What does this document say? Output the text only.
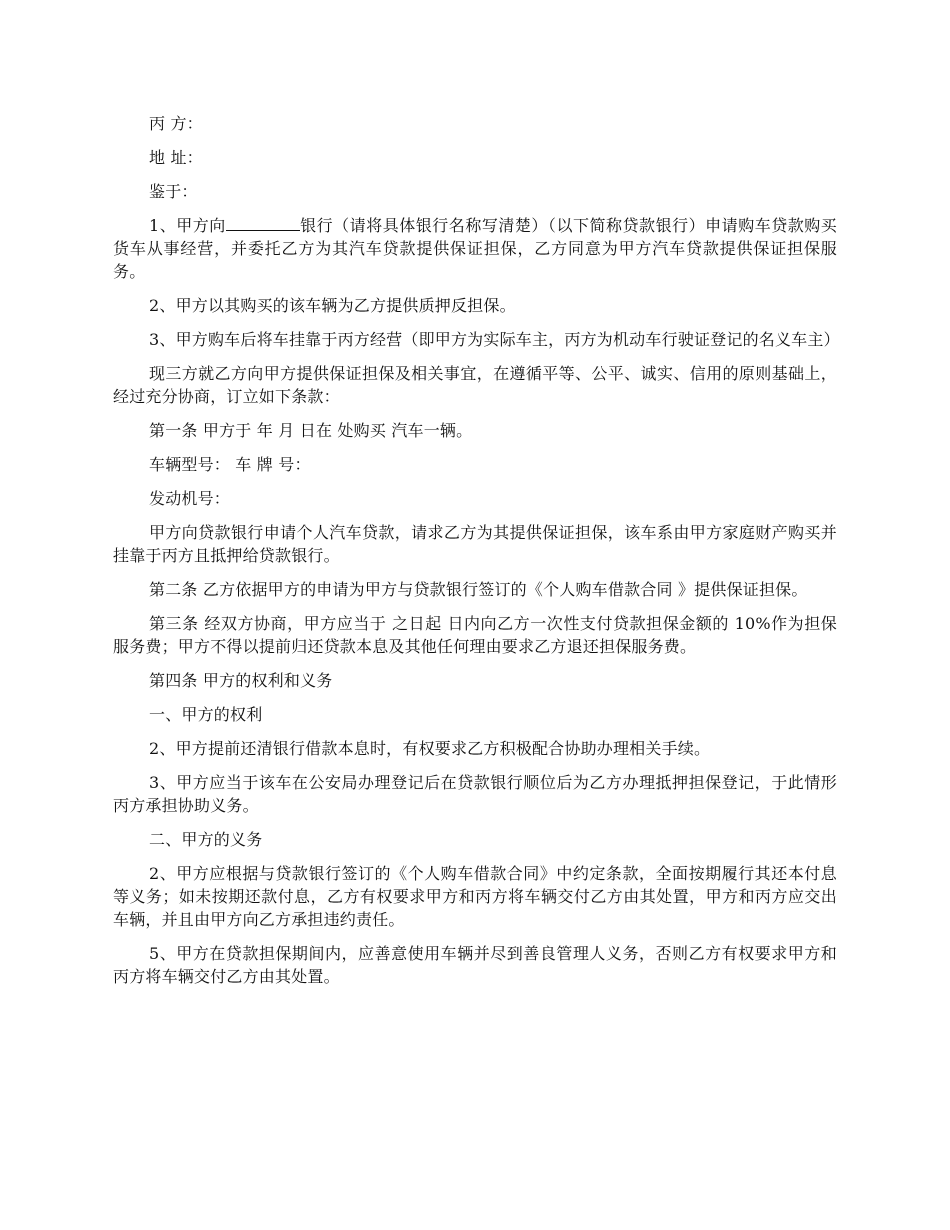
丙 方：

地 址：

鉴于：

1、甲方向	银行（请将具体银行名称写清楚）（以下简称贷款银行）申请购车贷款购买货车从事经营，并委托乙方为其汽车贷款提供保证担保，乙方同意为甲方汽车贷款提供保证担保服务。

2、甲方以其购买的该车辆为乙方提供质押反担保。

3、甲方购车后将车挂靠于丙方经营（即甲方为实际车主，丙方为机动车行驶证登记的名义车主）

现三方就乙方向甲方提供保证担保及相关事宜，在遵循平等、公平、诚实、信用的原则基础上，经过充分协商，订立如下条款：

第一条 甲方于 年 月 日在 处购买 汽车一辆。

车辆型号： 车 牌 号：

发动机号：

甲方向贷款银行申请个人汽车贷款，请求乙方为其提供保证担保，该车系由甲方家庭财产购买并挂靠于丙方且抵押给贷款银行。

第二条 乙方依据甲方的申请为甲方与贷款银行签订的《个人购车借款合同 》提供保证担保。

第三条 经双方协商，甲方应当于 之日起 日内向乙方一次性支付贷款担保金额的 10%作为担保服务费；甲方不得以提前归还贷款本息及其他任何理由要求乙方退还担保服务费。

第四条 甲方的权利和义务

一、甲方的权利

2、甲方提前还清银行借款本息时，有权要求乙方积极配合协助办理相关手续。

3、甲方应当于该车在公安局办理登记后在贷款银行顺位后为乙方办理抵押担保登记，于此情形丙方承担协助义务。

二、甲方的义务

2、甲方应根据与贷款银行签订的《个人购车借款合同》中约定条款，全面按期履行其还本付息等义务；如未按期还款付息，乙方有权要求甲方和丙方将车辆交付乙方由其处置，甲方和丙方应交出车辆，并且由甲方向乙方承担违约责任。

5、甲方在贷款担保期间内，应善意使用车辆并尽到善良管理人义务，否则乙方有权要求甲方和丙方将车辆交付乙方由其处置。
